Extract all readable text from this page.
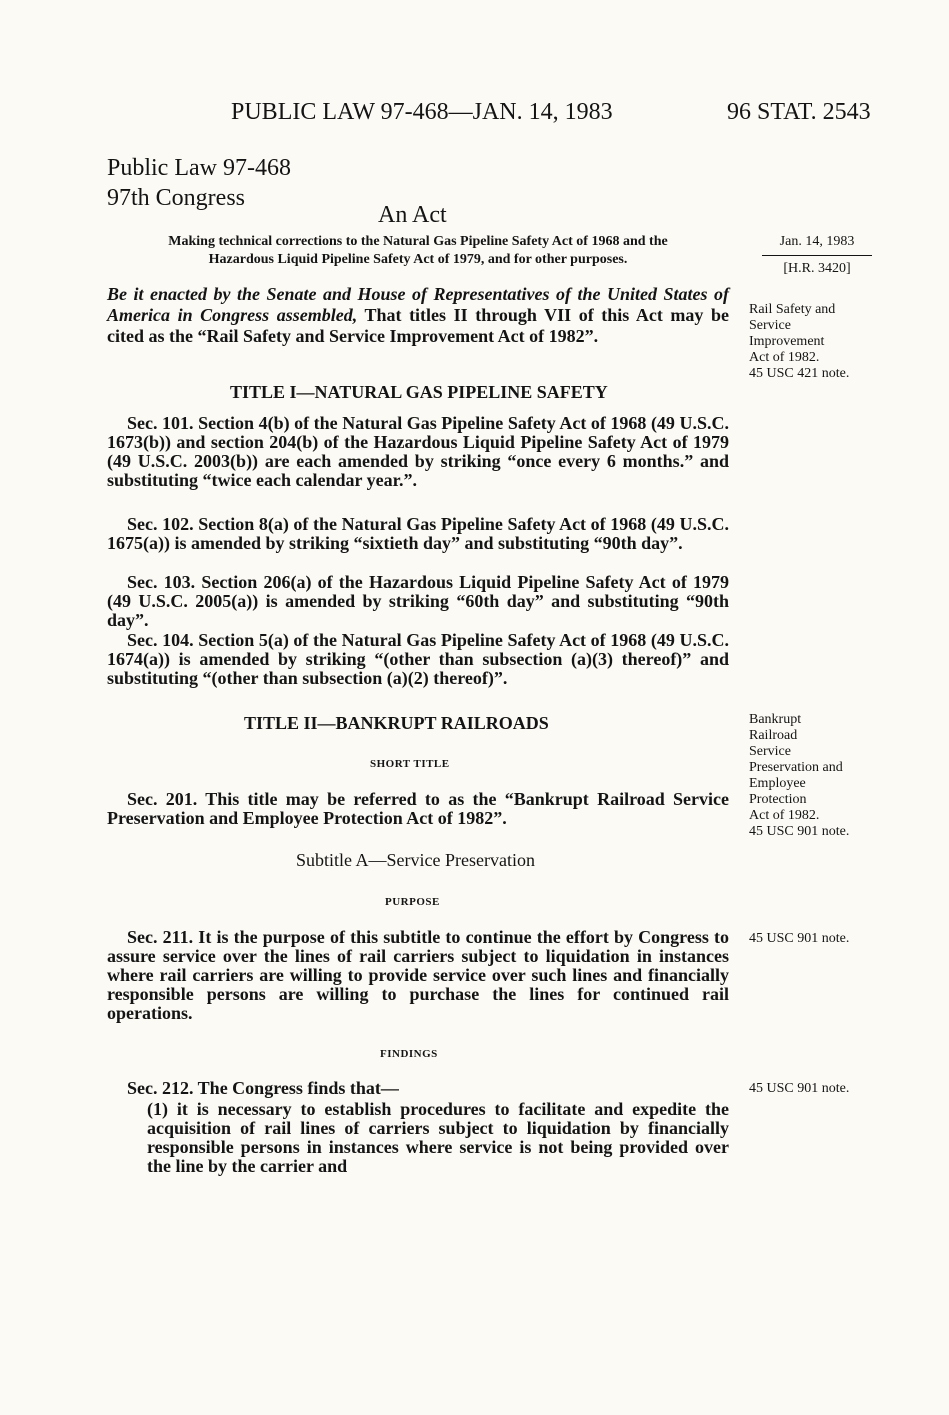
PUBLIC LAW 97-468—JAN. 14, 1983	96 STAT. 2543
Public Law 97-468
97th Congress
An Act
Making technical corrections to the Natural Gas Pipeline Safety Act of 1968 and the
Hazardous Liquid Pipeline Safety Act of 1979, and for other purposes.
Jan. 14, 1983
[H.R. 3420]
Be it enacted by the Senate and House of Representatives of the United States of America in Congress assembled, That titles II through VII of this Act may be cited as the “Rail Safety and Service Improvement Act of 1982”.
Rail Safety and
Service
Improvement
Act of 1982.
45 USC 421 note.
TITLE I—NATURAL GAS PIPELINE SAFETY
Sec. 101. Section 4(b) of the Natural Gas Pipeline Safety Act of 1968 (49 U.S.C. 1673(b)) and section 204(b) of the Hazardous Liquid Pipeline Safety Act of 1979 (49 U.S.C. 2003(b)) are each amended by striking “once every 6 months.” and substituting “twice each calendar year.”.
Sec. 102. Section 8(a) of the Natural Gas Pipeline Safety Act of 1968 (49 U.S.C. 1675(a)) is amended by striking “sixtieth day” and substituting “90th day”.
Sec. 103. Section 206(a) of the Hazardous Liquid Pipeline Safety Act of 1979 (49 U.S.C. 2005(a)) is amended by striking “60th day” and substituting “90th day”.
Sec. 104. Section 5(a) of the Natural Gas Pipeline Safety Act of 1968 (49 U.S.C. 1674(a)) is amended by striking “(other than subsection (a)(3) thereof)” and substituting “(other than subsection (a)(2) thereof)”.
TITLE II—BANKRUPT RAILROADS	Bankrupt
Railroad
Service
Preservation and
Employee
Protection
Act of 1982.
45 USC 901 note.
SHORT TITLE
Sec. 201. This title may be referred to as the “Bankrupt Railroad Service Preservation and Employee Protection Act of 1982”.
Subtitle A—Service Preservation
PURPOSE
Sec. 211. It is the purpose of this subtitle to continue the effort by Congress to assure service over the lines of rail carriers subject to liquidation in instances where rail carriers are willing to provide service over such lines and financially responsible persons are willing to purchase the lines for continued rail operations.
45 USC 901 note.
FINDINGS
Sec. 212. The Congress finds that—	45 USC 901 note.
(1) it is necessary to establish procedures to facilitate and expedite the acquisition of rail lines of carriers subject to liquidation by financially responsible persons in instances where service is not being provided over the line by the carrier and
